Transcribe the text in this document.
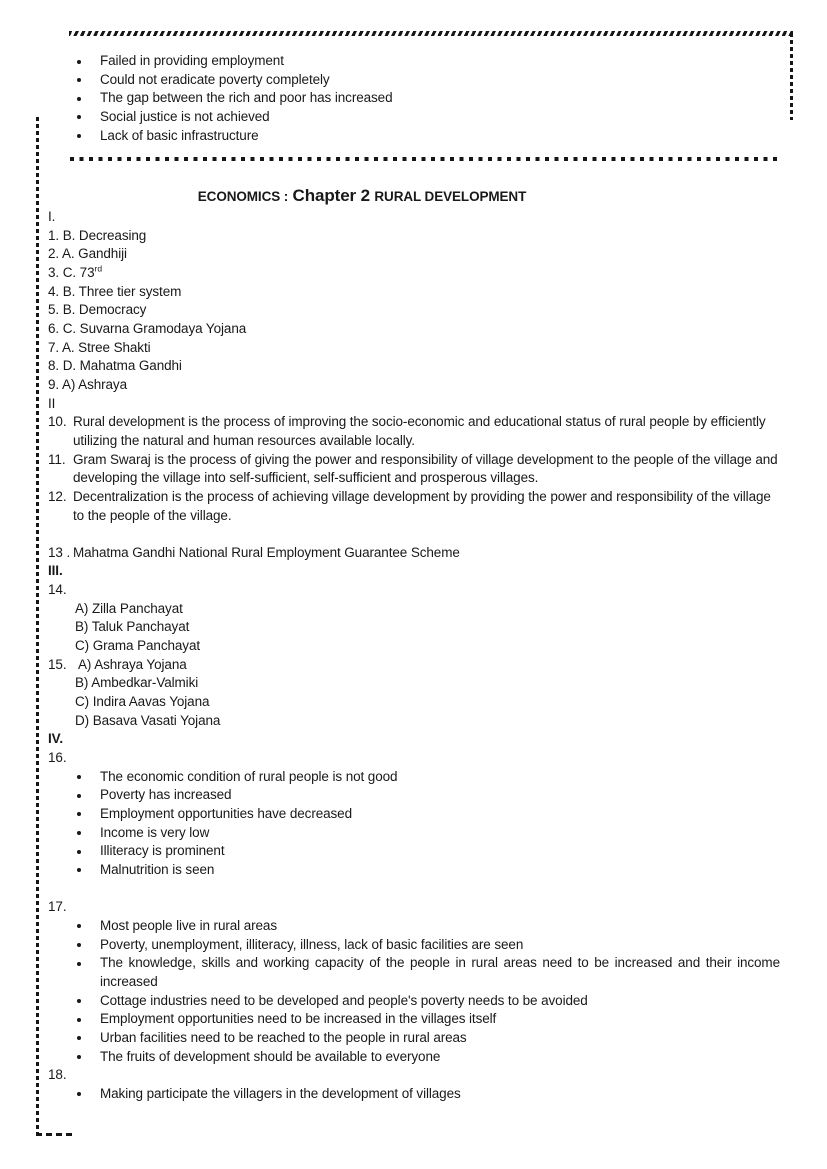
Failed in providing employment
Could not eradicate poverty completely
The gap between the rich and poor has increased
Social justice is not achieved
Lack of basic infrastructure
ECONOMICS : Chapter 2 RURAL DEVELOPMENT
I.
1. B. Decreasing
2. A. Gandhiji
3. C. 73rd
4. B. Three tier system
5. B. Democracy
6. C. Suvarna Gramodaya Yojana
7. A. Stree Shakti
8. D. Mahatma Gandhi
9. A) Ashraya
II
10. Rural development is the process of improving the socio-economic and educational status of rural people by efficiently utilizing the natural and human resources available locally.
11. Gram Swaraj is the process of giving the power and responsibility of village development to the people of the village and developing the village into self-sufficient, self-sufficient and prosperous villages.
12. Decentralization is the process of achieving village development by providing the power and responsibility of the village to the people of the village.
13 . Mahatma Gandhi National Rural Employment Guarantee Scheme
III.
14.
A) Zilla Panchayat
B) Taluk Panchayat
C) Grama Panchayat
15. A) Ashraya Yojana
B) Ambedkar-Valmiki
C) Indira Aavas Yojana
D) Basava Vasati Yojana
IV.
16.
The economic condition of rural people is not good
Poverty has increased
Employment opportunities have decreased
Income is very low
Illiteracy is prominent
Malnutrition is seen
17.
Most people live in rural areas
Poverty, unemployment, illiteracy, illness, lack of basic facilities are seen
The knowledge, skills and working capacity of the people in rural areas need to be increased and their income increased
Cottage industries need to be developed and people's poverty needs to be avoided
Employment opportunities need to be increased in the villages itself
Urban facilities need to be reached to the people in rural areas
The fruits of development should be available to everyone
18.
Making participate the villagers in the development of villages
